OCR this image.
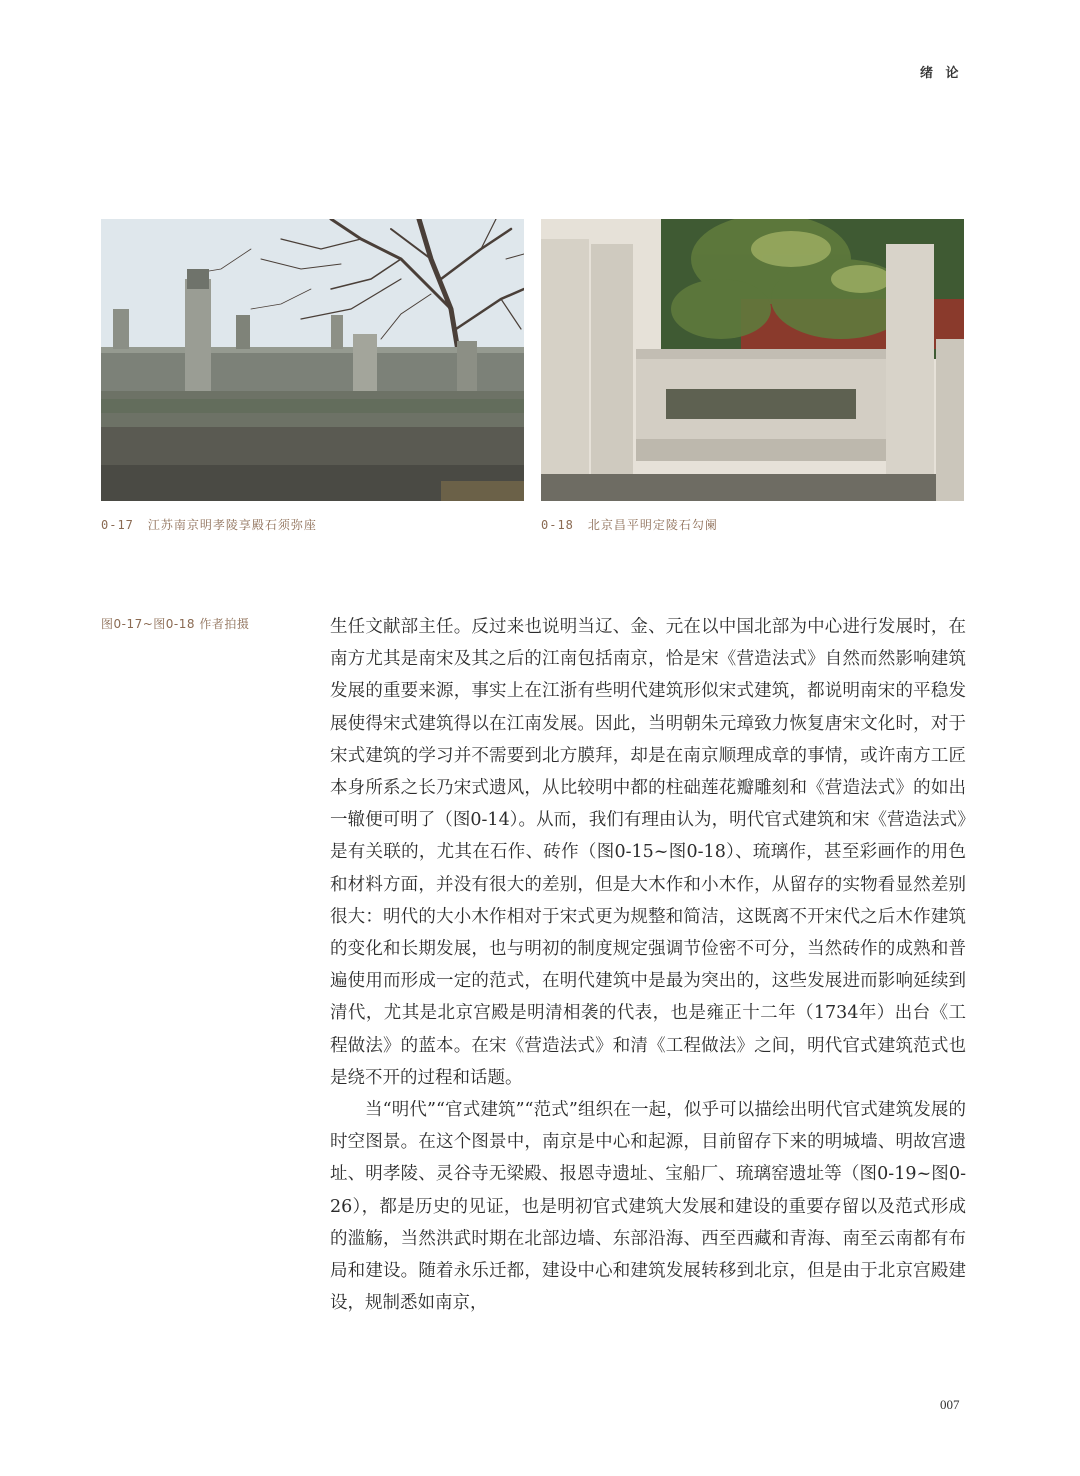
绪 论
0-17 江苏南京明孝陵享殿石须弥座	0-18 北京昌平明定陵石勾阑
图0-17~图0-18 作者拍摄	生任文献部主任。反过来也说明当辽、金、元在以中国北部为中心进行发展时，在南方尤其是南宋及其之后的江南包括南京，恰是宋《营造法式》自然而然影响建筑发展的重要来源，事实上在江浙有些明代建筑形似宋式建筑，都说明南宋的平稳发展使得宋式建筑得以在江南发展。因此，当明朝朱元璋致力恢复唐宋文化时，对于宋式建筑的学习并不需要到北方膜拜，却是在南京顺理成章的事情，或许南方工匠本身所系之长乃宋式遗风，从比较明中都的柱础莲花瓣雕刻和《营造法式》的如出一辙便可明了（图0-14）。从而，我们有理由认为，明代官式建筑和宋《营造法式》是有关联的，尤其在石作、砖作（图0-15~图0-18）、琉璃作，甚至彩画作的用色和材料方面，并没有很大的差别，但是大木作和小木作，从留存的实物看显然差别很大：明代的大小木作相对于宋式更为规整和简洁，这既离不开宋代之后木作建筑的变化和长期发展，也与明初的制度规定强调节俭密不可分，当然砖作的成熟和普遍使用而形成一定的范式，在明代建筑中是最为突出的，这些发展进而影响延续到清代，尤其是北京宫殿是明清相袭的代表，也是雍正十二年（1734年）出台《工程做法》的蓝本。在宋《营造法式》和清《工程做法》之间，明代官式建筑范式也是绕不开的过程和话题。

当“明代”“官式建筑”“范式”组织在一起，似乎可以描绘出明代官式建筑发展的时空图景。在这个图景中，南京是中心和起源，目前留存下来的明城墙、明故宫遗址、明孝陵、灵谷寺无梁殿、报恩寺遗址、宝船厂、琉璃窑遗址等（图0-19~图0-26），都是历史的见证，也是明初官式建筑大发展和建设的重要存留以及范式形成的滥觞，当然洪武时期在北部边墙、东部沿海、西至西藏和青海、南至云南都有布局和建设。随着永乐迁都，建设中心和建筑发展转移到北京，但是由于北京宫殿建设，规制悉如南京，

007
